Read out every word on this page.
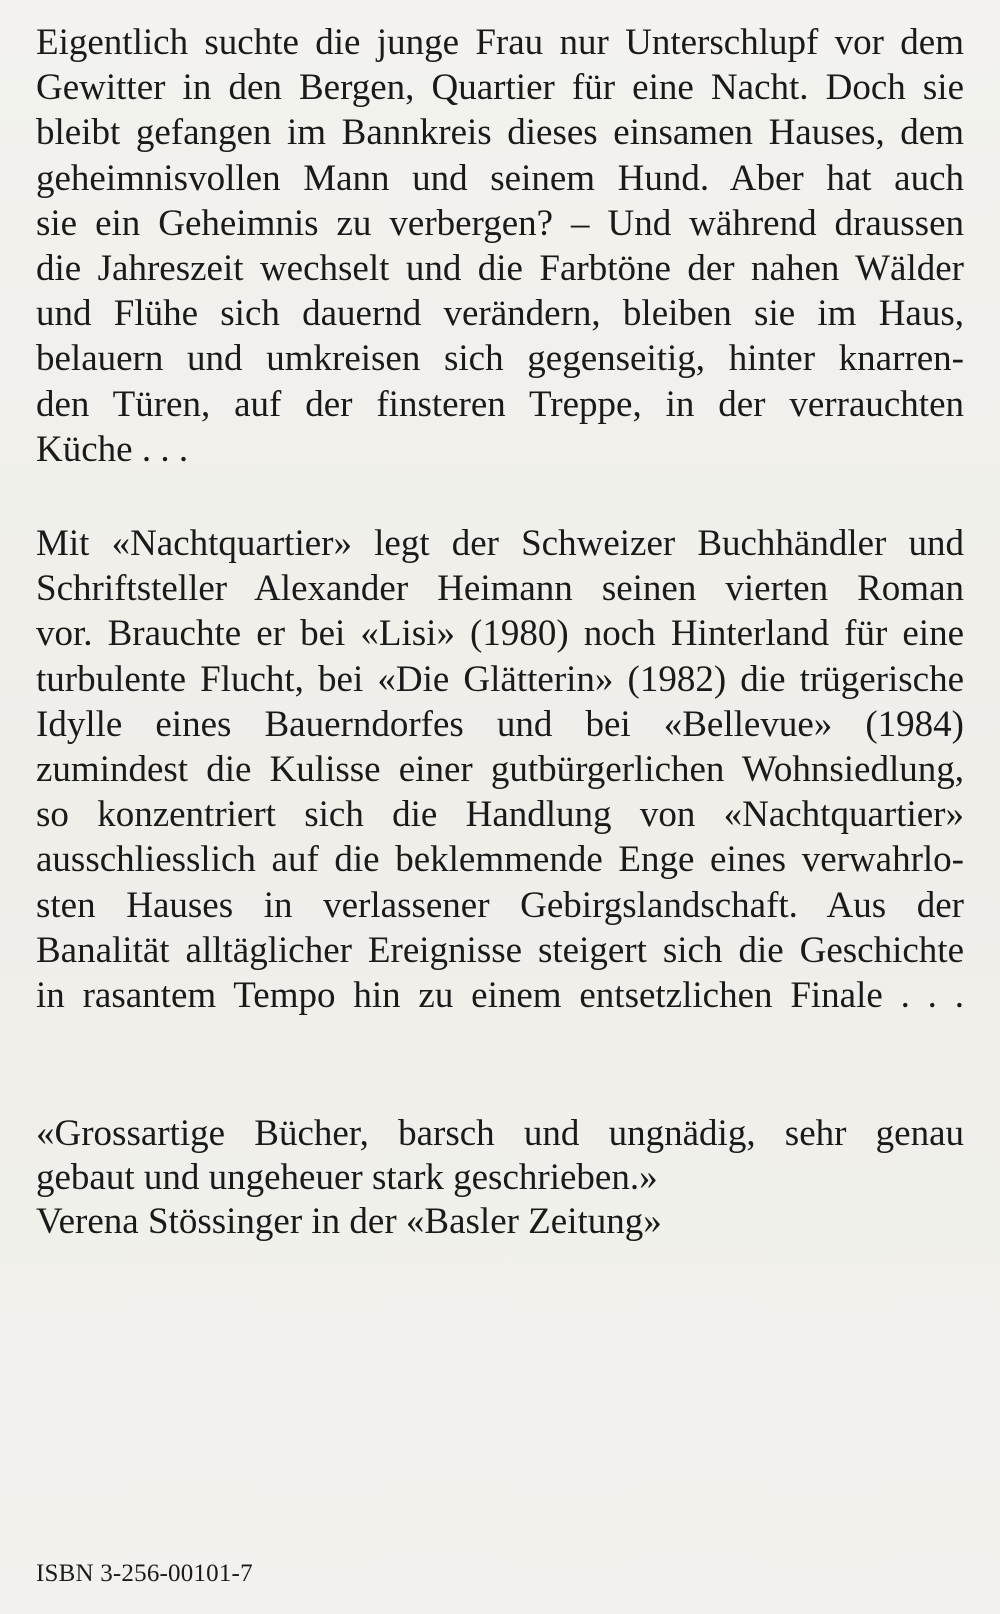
Eigentlich suchte die junge Frau nur Unterschlupf vor dem
Gewitter in den Bergen, Quartier für eine Nacht. Doch sie
bleibt gefangen im Bannkreis dieses einsamen Hauses, dem
geheimnisvollen Mann und seinem Hund. Aber hat auch
sie ein Geheimnis zu verbergen? – Und während draussen
die Jahreszeit wechselt und die Farbtöne der nahen Wälder
und Flühe sich dauernd verändern, bleiben sie im Haus,
belauern und umkreisen sich gegenseitig, hinter knarren-
den Türen, auf der finsteren Treppe, in der verrauchten
Küche . . .
Mit «Nachtquartier» legt der Schweizer Buchhändler und
Schriftsteller Alexander Heimann seinen vierten Roman
vor. Brauchte er bei «Lisi» (1980) noch Hinterland für eine
turbulente Flucht, bei «Die Glätterin» (1982) die trügerische
Idylle eines Bauerndorfes und bei «Bellevue» (1984)
zumindest die Kulisse einer gutbürgerlichen Wohnsiedlung,
so konzentriert sich die Handlung von «Nachtquartier»
ausschliesslich auf die beklemmende Enge eines verwahrlo-
sten Hauses in verlassener Gebirgslandschaft. Aus der
Banalität alltäglicher Ereignisse steigert sich die Geschichte
in rasantem Tempo hin zu einem entsetzlichen Finale . . .
«Grossartige Bücher, barsch und ungnädig, sehr genau
gebaut und ungeheuer stark geschrieben.»
Verena Stössinger in der «Basler Zeitung»
ISBN 3-256-00101-7
